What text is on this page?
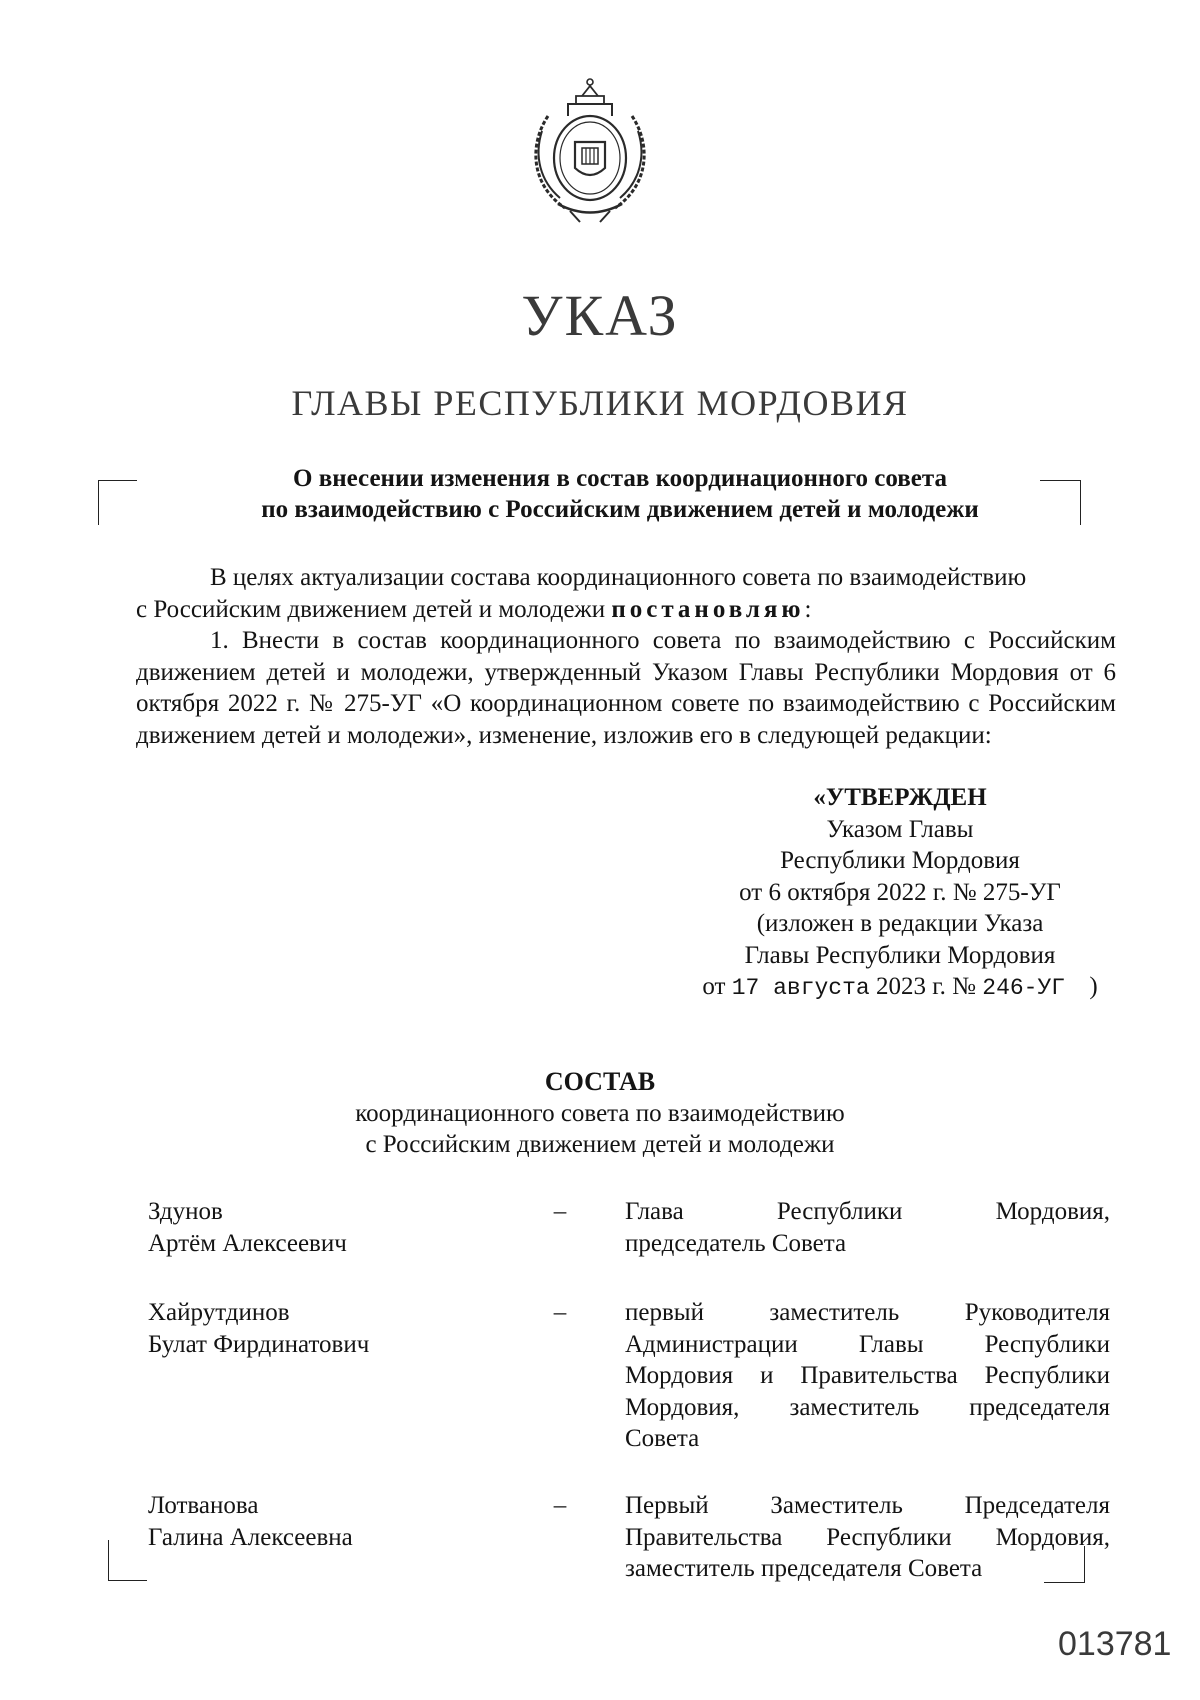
УКАЗ
ГЛАВЫ РЕСПУБЛИКИ МОРДОВИЯ
О внесении изменения в состав координационного совета
по взаимодействию с Российским движением детей и молодежи
В целях актуализации состава координационного совета по взаимодействию
с Российским движением детей и молодежи постановляю:

1. Внести в состав координационного совета по взаимодействию с Российским движением детей и молодежи, утвержденный Указом Главы Республики Мордовия от 6 октября 2022 г. № 275-УГ «О координационном совете по взаимодействию с Российским движением детей и молодежи», изменение, изложив его в следующей редакции:

«УТВЕРЖДЕН
Указом Главы
Республики Мордовия
от 6 октября 2022 г. № 275-УГ
(изложен в редакции Указа
Главы Республики Мордовия
от 17 августа 2023 г. № 246-УГ )
СОСТАВ
координационного совета по взаимодействию
с Российским движением детей и молодежи
Здунов
Артём Алексеевич
–	Глава Республики Мордовия,
председатель Совета
Хайрутдинов
Булат Фирдинатович
–	первый заместитель Руководителя
Администрации Главы Республики
Мордовия и Правительства Республики
Мордовия, заместитель председателя
Совета
Лотванова
Галина Алексеевна
–	Первый Заместитель Председателя
Правительства Республики Мордовия,
заместитель председателя Совета
013781
